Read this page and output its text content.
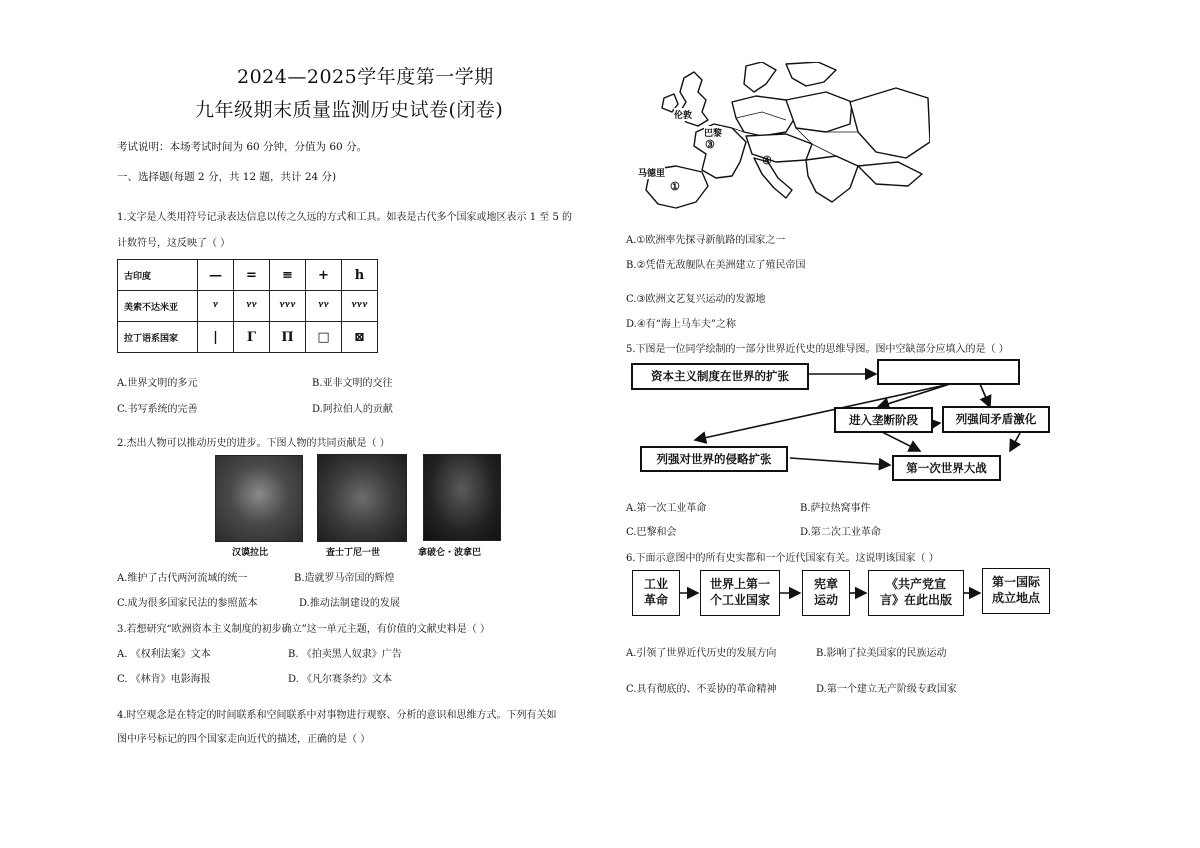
2024—2025学年度第一学期
九年级期末质量监测历史试卷(闭卷)
考试说明：本场考试时间为 60 分钟，分值为 60 分。
一、选择题(每题 2 分，共 12 题，共计 24 分)
1.文字是人类用符号记录表达信息以传之久远的方式和工具。如表是古代多个国家或地区表示 1 至 5 的
计数符号，这反映了（ ）
古印度	—	=	≡	+	h
美索不达米亚	ᵞ	ᵞᵞ	ᵞᵞᵞ	ᵞᵞ	ᵞᵞᵞ
拉丁语系国家	|	Γ	Π	□	⊠
A.世界文明的多元	B.亚非文明的交往
C.书写系统的完善	D.阿拉伯人的贡献
2.杰出人物可以推动历史的进步。下图人物的共同贡献是（ ）
汉谟拉比	查士丁尼一世	拿破仑・波拿巴
A.维护了古代两河流域的统一	B.造就罗马帝国的辉煌
C.成为很多国家民法的参照蓝本	D.推动法制建设的发展
3.若想研究“欧洲资本主义制度的初步确立”这一单元主题，有价值的文献史料是（ ）
A. 《权利法案》文本	B. 《拍卖黑人奴隶》广告
C. 《林肯》电影海报	D. 《凡尔赛条约》文本
4.时空观念是在特定的时间联系和空间联系中对事物进行观察、分析的意识和思维方式。下列有关如
图中序号标记的四个国家走向近代的描述，正确的是（ ）
伦敦
巴黎
③
马德里
①
④
A.①欧洲率先探寻新航路的国家之一
B.②凭借无敌舰队在美洲建立了殖民帝国
C.③欧洲文艺复兴运动的发源地
D.④有“海上马车夫”之称
5.下图是一位同学绘制的一部分世界近代史的思维导图。图中空缺部分应填入的是（ ）
资本主义制度在世界的扩张
进入垄断阶段	列强间矛盾激化
列强对世界的侵略扩张
第一次世界大战
A.第一次工业革命	B.萨拉热窝事件
C.巴黎和会	D.第二次工业革命
6.下面示意图中的所有史实都和一个近代国家有关。这说明该国家（ ）
工业
革命
世界上第一
个工业国家
宪章
运动
《共产党宣
言》在此出版
第一国际
成立地点
A.引领了世界近代历史的发展方向	B.影响了拉美国家的民族运动
C.具有彻底的、不妥协的革命精神	D.第一个建立无产阶级专政国家
